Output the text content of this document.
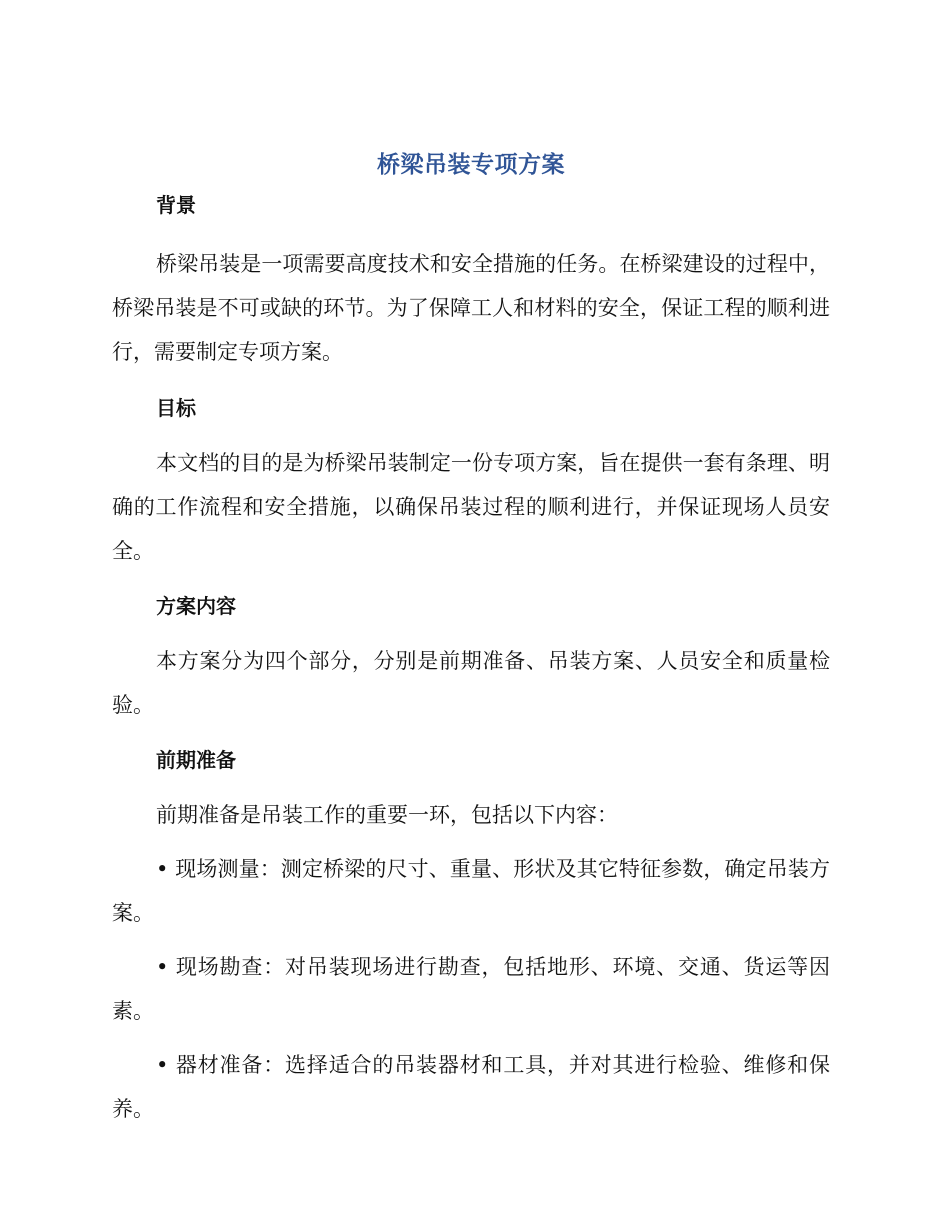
桥梁吊装专项方案
背景

桥梁吊装是一项需要高度技术和安全措施的任务。在桥梁建设的过程中，桥梁吊装是不可或缺的环节。为了保障工人和材料的安全，保证工程的顺利进行，需要制定专项方案。

目标

本文档的目的是为桥梁吊装制定一份专项方案，旨在提供一套有条理、明确的工作流程和安全措施，以确保吊装过程的顺利进行，并保证现场人员安全。

方案内容

本方案分为四个部分，分别是前期准备、吊装方案、人员安全和质量检验。

前期准备

前期准备是吊装工作的重要一环，包括以下内容：

• 现场测量：测定桥梁的尺寸、重量、形状及其它特征参数，确定吊装方案。

• 现场勘查：对吊装现场进行勘查，包括地形、环境、交通、货运等因素。

• 器材准备：选择适合的吊装器材和工具，并对其进行检验、维修和保养。
